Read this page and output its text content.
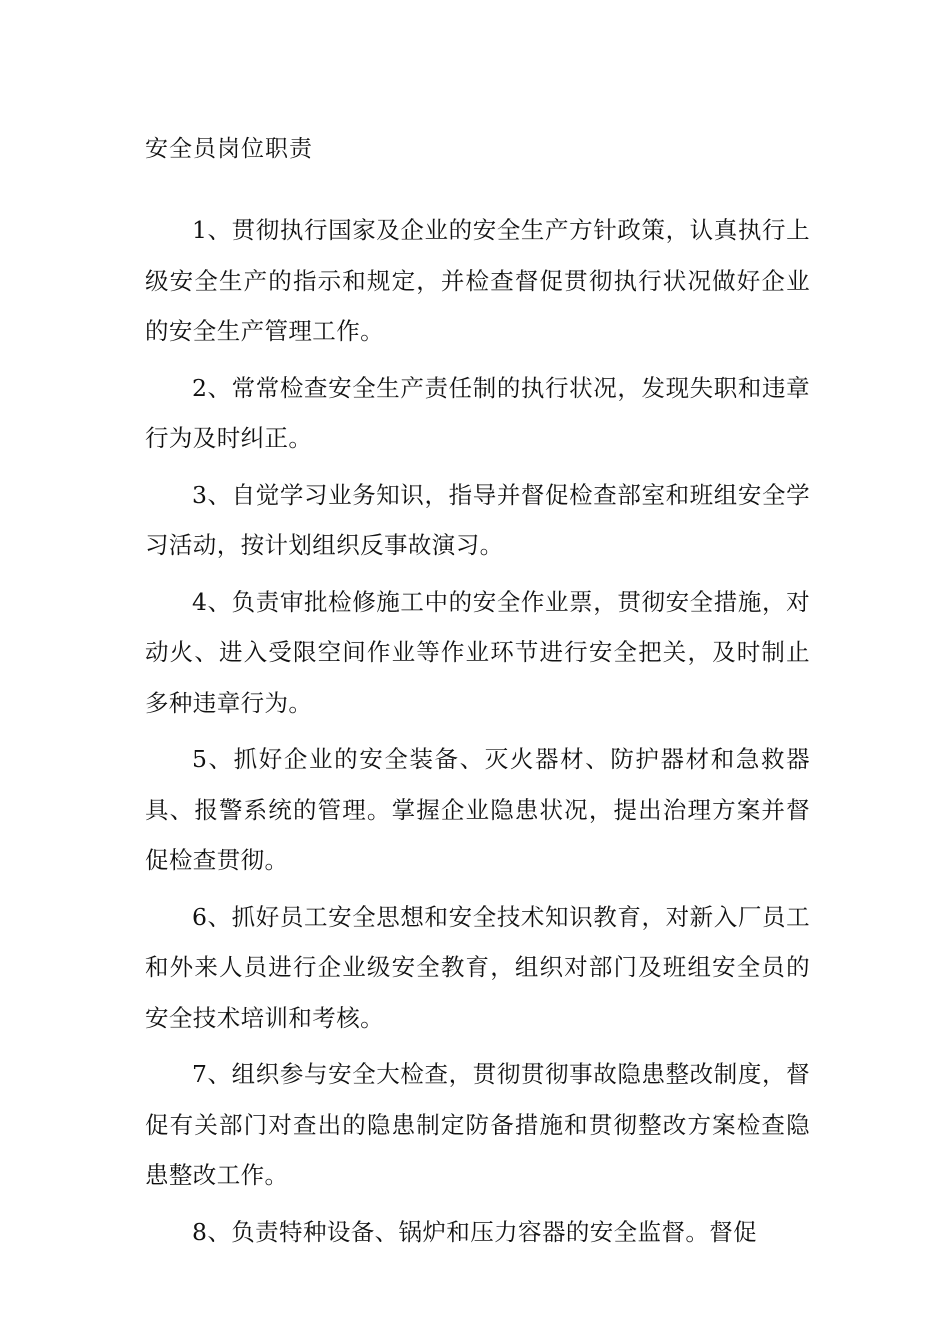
安全员岗位职责

1、贯彻执行国家及企业的安全生产方针政策，认真执行上级安全生产的指示和规定，并检查督促贯彻执行状况做好企业的安全生产管理工作。

2、常常检查安全生产责任制的执行状况，发现失职和违章行为及时纠正。

3、自觉学习业务知识，指导并督促检查部室和班组安全学习活动，按计划组织反事故演习。

4、负责审批检修施工中的安全作业票，贯彻安全措施，对动火、进入受限空间作业等作业环节进行安全把关，及时制止多种违章行为。

5、抓好企业的安全装备、灭火器材、防护器材和急救器具、报警系统的管理。掌握企业隐患状况，提出治理方案并督促检查贯彻。

6、抓好员工安全思想和安全技术知识教育，对新入厂员工和外来人员进行企业级安全教育，组织对部门及班组安全员的安全技术培训和考核。

7、组织参与安全大检查，贯彻贯彻事故隐患整改制度，督促有关部门对查出的隐患制定防备措施和贯彻整改方案检查隐患整改工作。

8、负责特种设备、锅炉和压力容器的安全监督。督促
